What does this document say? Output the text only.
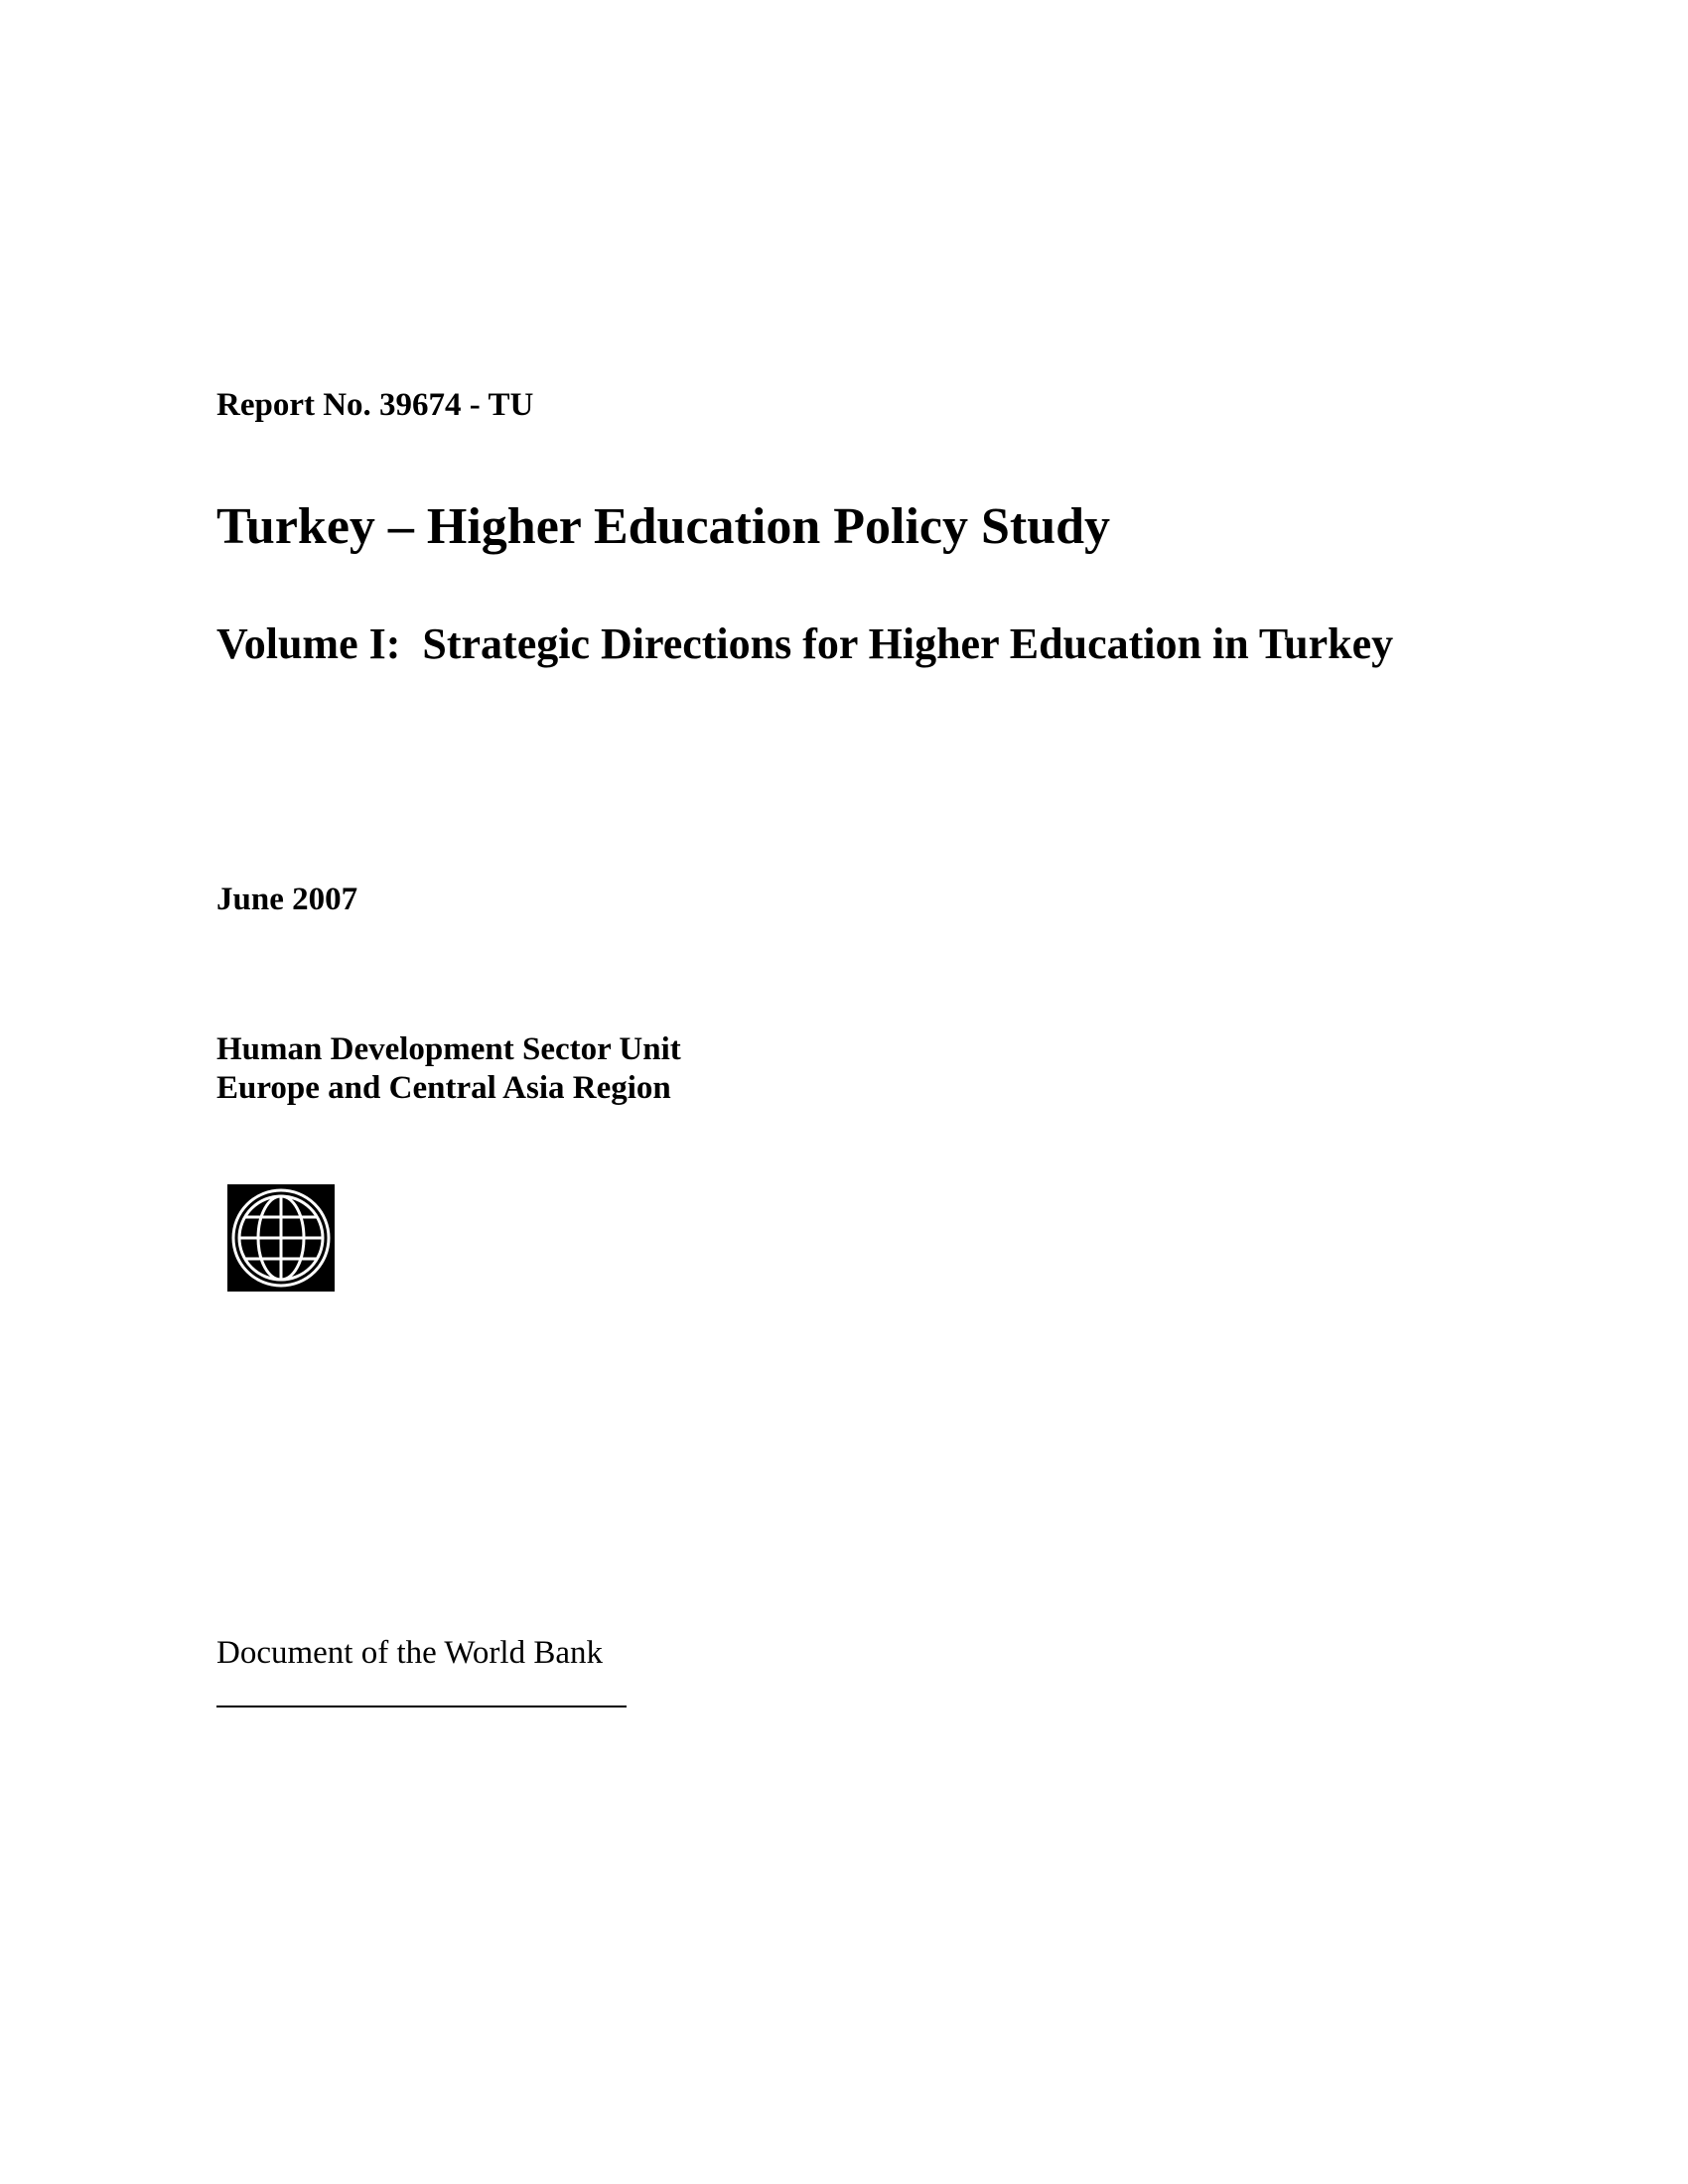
Report No. 39674 - TU
Turkey – Higher Education Policy Study
Volume I:  Strategic Directions for Higher Education in Turkey
June 2007
Human Development Sector Unit
Europe and Central Asia Region
Document of the World Bank
